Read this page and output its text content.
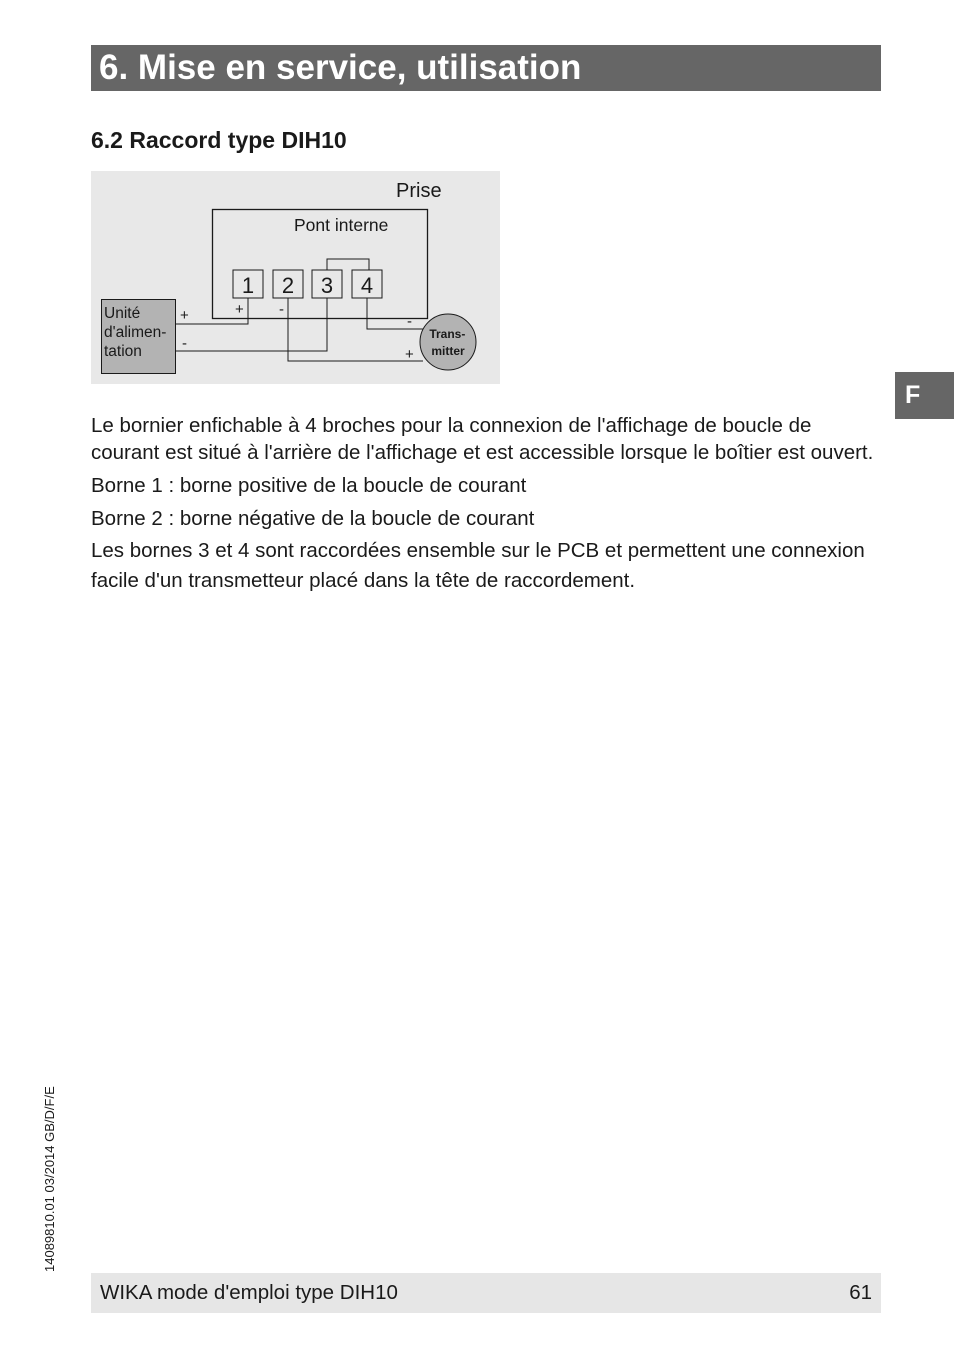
6. Mise en service, utilisation
6.2 Raccord type DIH10
Prise
Pont interne
1 2 3 4
+ -
Unité d'alimen- tation
+
-
Trans- mitter
-
+
F

Le bornier enfichable à 4 broches pour la connexion de l'affichage de boucle de courant est situé à l'arrière de l'affichage et est accessible lorsque le boîtier est ouvert.

Borne 1 : borne positive de la boucle de courant

Borne 2 : borne négative de la boucle de courant

Les bornes 3 et 4 sont raccordées ensemble sur le PCB et permettent une connexion facile d'un transmetteur placé dans la tête de raccordement.

14089810.01 03/2014 GB/D/F/E
WIKA mode d'emploi type DIH10	61
